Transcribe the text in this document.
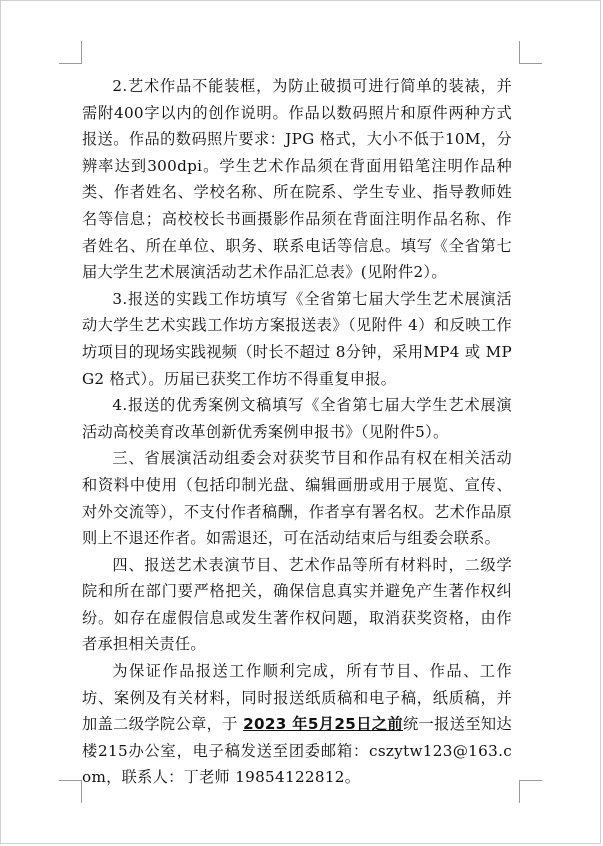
2.艺术作品不能装框，为防止破损可进行简单的装裱，并需附400字以内的创作说明。作品以数码照片和原件两种方式报送。作品的数码照片要求：JPG 格式，大小不低于10M，分辨率达到300dpi。学生艺术作品须在背面用铅笔注明作品种类、作者姓名、学校名称、所在院系、学生专业、指导教师姓名等信息；高校校长书画摄影作品须在背面注明作品名称、作者姓名、所在单位、职务、联系电话等信息。填写《全省第七届大学生艺术展演活动艺术作品汇总表》(见附件2）。

3.报送的实践工作坊填写《全省第七届大学生艺术展演活动大学生艺术实践工作坊方案报送表》（见附件 4）和反映工作坊项目的现场实践视频（时长不超过 8分钟，采用MP4 或 MPG2 格式）。历届已获奖工作坊不得重复申报。

4.报送的优秀案例文稿填写《全省第七届大学生艺术展演活动高校美育改革创新优秀案例申报书》（见附件5）。

三、省展演活动组委会对获奖节目和作品有权在相关活动和资料中使用（包括印制光盘、编辑画册或用于展览、宣传、对外交流等），不支付作者稿酬，作者享有署名权。艺术作品原则上不退还作者。如需退还，可在活动结束后与组委会联系。

四、报送艺术表演节目、艺术作品等所有材料时，二级学院和所在部门要严格把关，确保信息真实并避免产生著作权纠纷。如存在虚假信息或发生著作权问题，取消获奖资格，由作者承担相关责任。

为保证作品报送工作顺利完成，所有节目、作品、工作坊、案例及有关材料，同时报送纸质稿和电子稿，纸质稿，并加盖二级学院公章，于 2023 年5月25日之前统一报送至知达楼215办公室，电子稿发送至团委邮箱：cszytw123@163.com，联系人：丁老师 19854122812。
